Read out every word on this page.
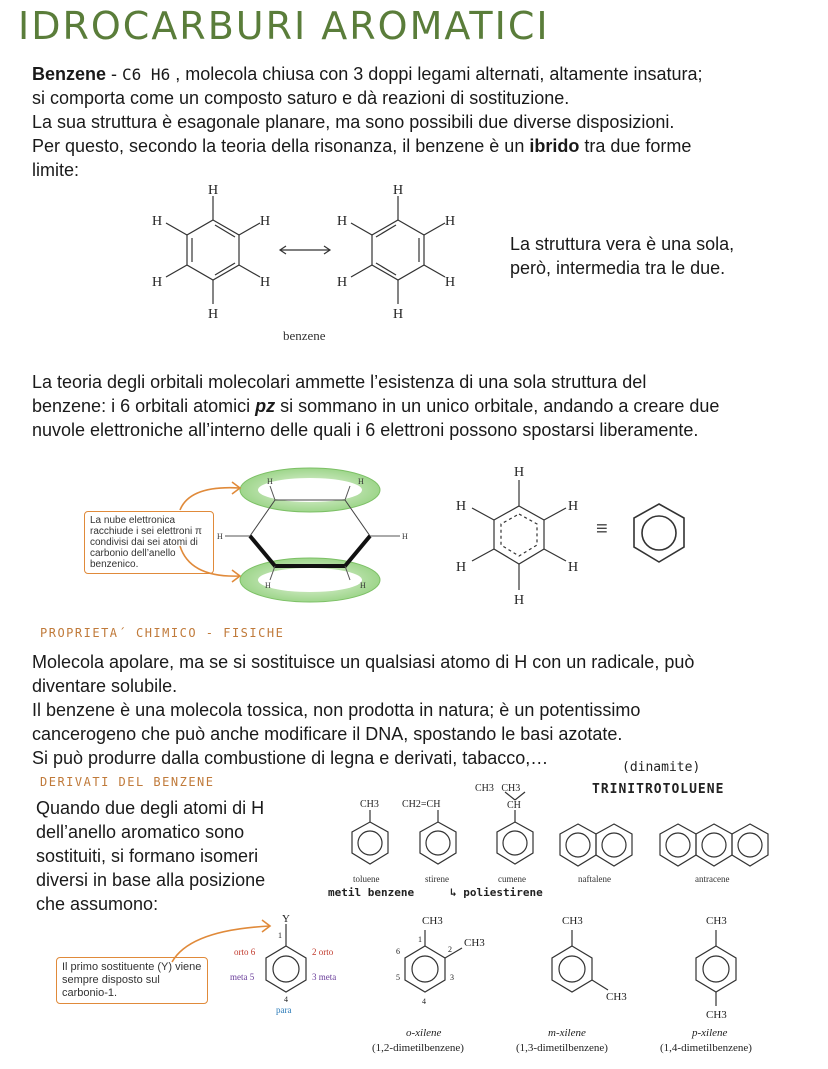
IDROCARBURI AROMATICI
Benzene - C6 H6 , molecola chiusa con 3 doppi legami alternati, altamente insatura;
si comporta come un composto saturo e dà reazioni di sostituzione.
La sua struttura è esagonale planare, ma sono possibili due diverse disposizioni.
Per questo, secondo la teoria della risonanza, il benzene è un ibrido tra due forme
limite:
H
H
H	H
H	H
H
H
H	H
H	H
benzene
La struttura vera è una sola,
però, intermedia tra le due.
La teoria degli orbitali molecolari ammette l’esistenza di una sola struttura del
benzene: i 6 orbitali atomici pz si sommano in un unico orbitale, andando a creare due
nuvole elettroniche all’interno delle quali i 6 elettroni possono spostarsi liberamente.
H	H
H	H
H	H
La nube elettronica racchiude i sei elettroni π condivisi dai sei atomi di carbonio dell’anello benzenico.
H
H
H	H
H	H
≡
PROPRIETA´ CHIMICO - FISICHE
Molecola apolare, ma se si sostituisce un qualsiasi atomo di H con un radicale, può
diventare solubile.
Il benzene è una molecola tossica, non prodotta in natura; è un potentissimo
cancerogeno che può anche modificare il DNA, spostando le basi azotate.
Si può produrre dalla combustione di legna e derivati, tabacco,…
DERIVATI DEL BENZENE
Quando due degli atomi di H
dell’anello aromatico sono
sostituiti, si formano isomeri
diversi in base alla posizione
che assumono:
(dinamite)
TRINITROTOLUENE
CH3 CH2=CH	CH
CH3   CH3
toluene	stirene	cumene	naftalene	antracene
metil benzene	↳ poliestirene
Il primo sostituente (Y) viene sempre disposto sul carbonio-1.
Y
1
orto 6	2 orto
meta 5	3 meta
4
para
CH3
CH3
CH3
CH3
CH3
CH3
1
2
3
4
5
6
o-xilene
(1,2-dimetilbenzene)
m-xilene
(1,3-dimetilbenzene)
p-xilene
(1,4-dimetilbenzene)
